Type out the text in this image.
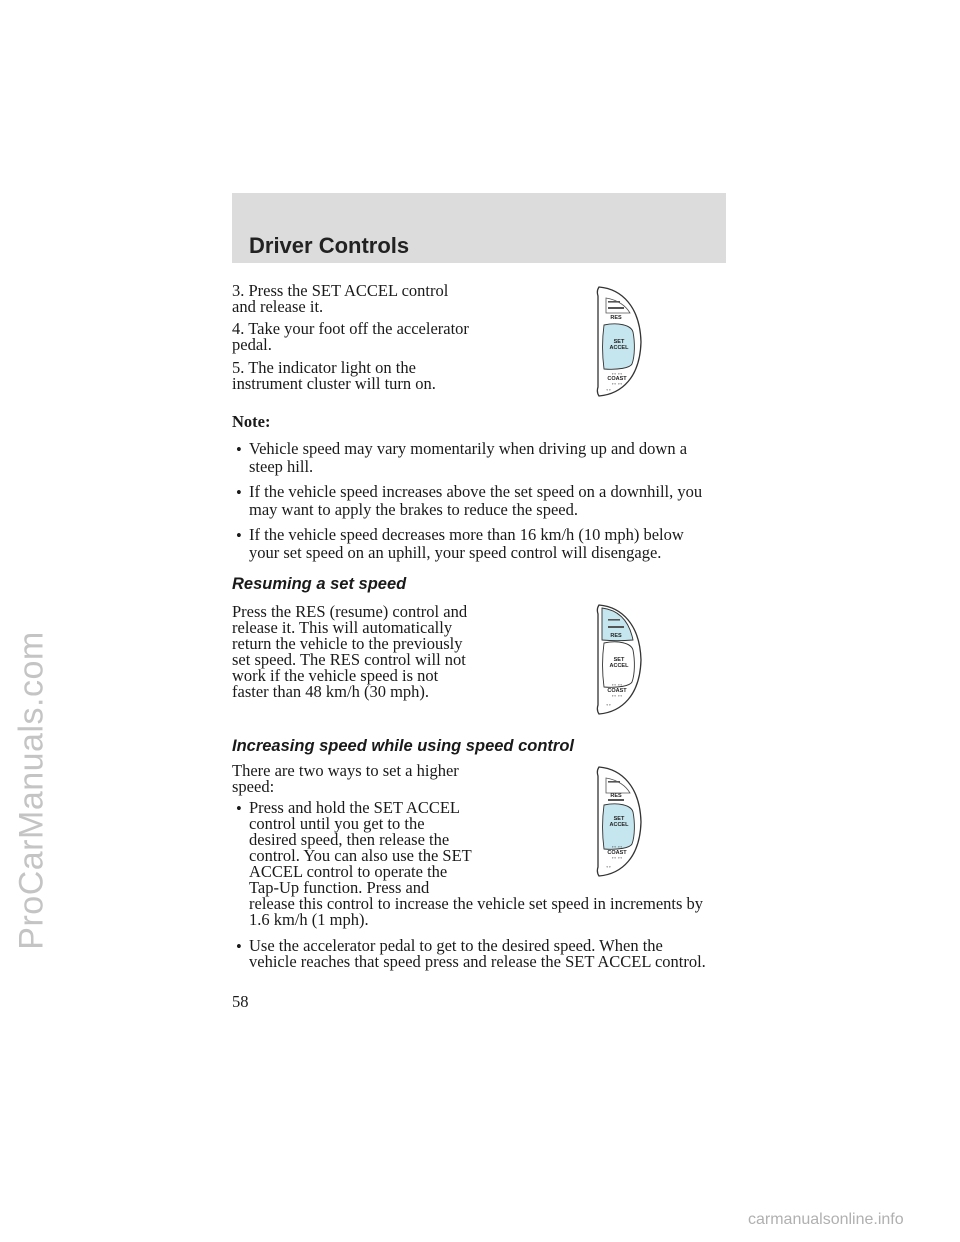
ProCarManuals.com
Driver Controls

3. Press the SET ACCEL control

and release it.

4. Take your foot off the accelerator

pedal.

5. The indicator light on the

instrument cluster will turn on.

Note:

• Vehicle speed may vary momentarily when driving up and down a

steep hill.

• If the vehicle speed increases above the set speed on a downhill, you

may want to apply the brakes to reduce the speed.

• If the vehicle speed decreases more than 16 km/h (10 mph) below

your set speed on an uphill, your speed control will disengage.

Resuming a set speed

Press the RES (resume) control and

release it. This will automatically

return the vehicle to the previously

set speed. The RES control will not

work if the vehicle speed is not

faster than 48 km/h (30 mph).

Increasing speed while using speed control

There are two ways to set a higher

speed:

• Press and hold the SET ACCEL

control until you get to the

desired speed, then release the

control. You can also use the SET

ACCEL control to operate the

Tap-Up function. Press and

release this control to increase the vehicle set speed in increments by

1.6 km/h (1 mph).

• Use the accelerator pedal to get to the desired speed. When the

vehicle reaches that speed press and release the SET ACCEL control.

58

carmanualsonline.info
RES
SET
ACCEL
∘∘ ∘∘
COAST
∘∘ ∘∘
∘∘
RES
SET
ACCEL
∘∘ ∘∘
COAST
∘∘ ∘∘
∘∘
RES
SET
ACCEL
∘∘ ∘∘
COAST
∘∘ ∘∘
∘∘
